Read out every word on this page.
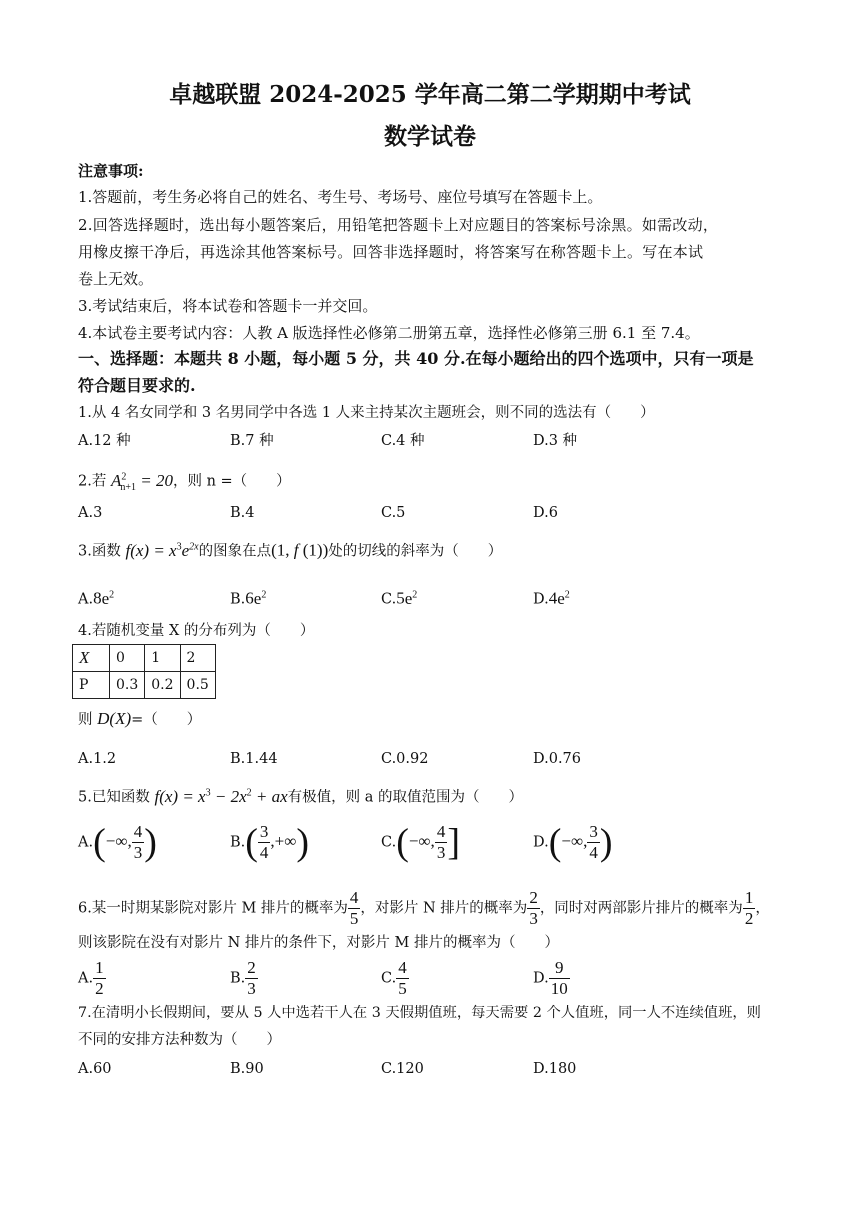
卓越联盟 2024-2025 学年高二第二学期期中考试
数学试卷
注意事项:
1.答题前，考生务必将自己的姓名、考生号、考场号、座位号填写在答题卡上。
2.回答选择题时，选出每小题答案后，用铅笔把答题卡上对应题目的答案标号涂黑。如需改动，
用橡皮擦干净后，再选涂其他答案标号。回答非选择题时，将答案写在称答题卡上。写在本试
卷上无效。
3.考试结束后，将本试卷和答题卡一并交回。
4.本试卷主要考试内容：人教 A 版选择性必修第二册第五章，选择性必修第三册 6.1 至 7.4。
一、选择题：本题共 8 小题，每小题 5 分，共 40 分.在每小题给出的四个选项中，只有一项是
符合题目要求的.
1.从 4 名女同学和 3 名男同学中各选 1 人来主持某次主题班会，则不同的选法有（　　）
A.12 种	B.7 种	C.4 种	D.3 种
2.若 $A^2_{n+1} = 20$，则 n =（　　）
A.3	B.4	C.5	D.6
3.函数 $f(x) = x^3e^{2x}$的图象在点(1, f (1))处的切线的斜率为（　　）
$A.8e^2$	$B.6e^2$	$C.5e^2$	$D.4e^2$
4.若随机变量 X 的分布列为（　　）
X	0	1	2
P	0.3	0.2	0.5
则 D(X)=（　　）
A.1.2	B.1.44	C.0.92	D.0.76
5.已知函数 $f(x) = x^3 - 2x^2$ + ax有极值，则 a 的取值范围为（　　）
A.(−∞, $\frac{4}{3}$ )	$B.( \frac{3}{4}$ ,+∞)	C.(−∞, $\frac{4}{3}$ ]	D.(−∞, $\frac{3}{4}$ )
6.某一时期某影院对影片 M 排片的概率为 $\frac{4}{5}$ ，对影片 N 排片的概率为 $\frac{2}{3}$ ，同时对两部影片排片的概率为 $\frac{1}{2}$ ，
则该影院在没有对影片 N 排片的条件下，对影片 M 排片的概率为（　　）
A. $\frac{1}{2}$	B. $\frac{2}{3}$	C. $\frac{4}{5}$	D. $\frac{9}{10}$
7.在清明小长假期间，要从 5 人中选若干人在 3 天假期值班，每天需要 2 个人值班，同一人不连续值班，则
不同的安排方法种数为（　　）
A.60	B.90	C.120	D.180
